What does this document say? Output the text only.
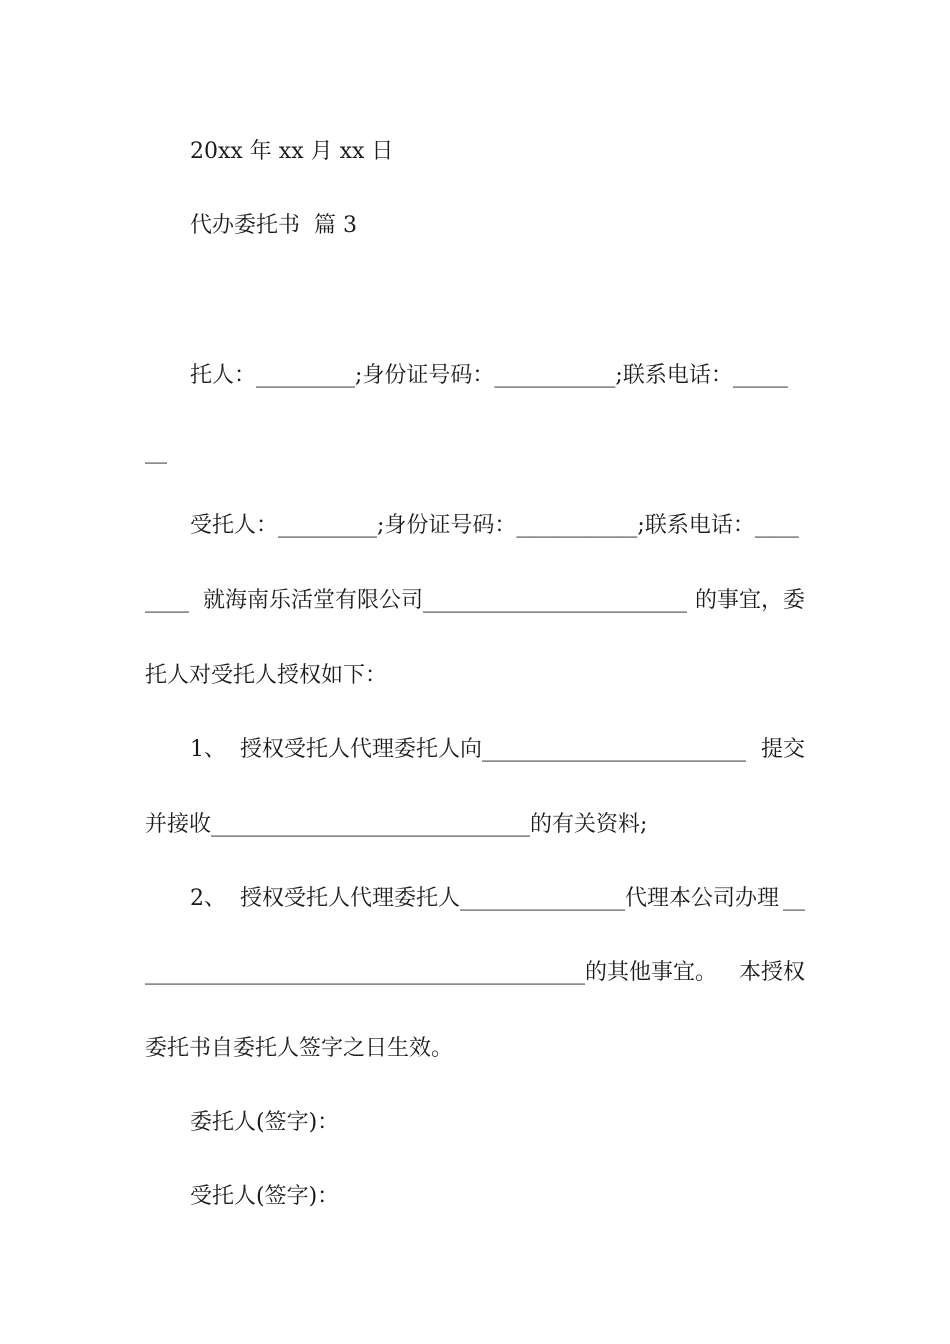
20xx 年 xx 月 xx 日
代办委托书  篇 3
托人：_________;身份证号码：___________;联系电话：_____
__
受托人：_________;身份证号码：___________;联系电话：____
____  就海南乐活堂有限公司________________________ 的事宜，委
托人对受托人授权如下：
1、  授权受托人代理委托人向________________________ 提交
并接收_____________________________的有关资料;
2、  授权受托人代理委托人_______________代理本公司办理 __
________________________________________的其他事宜。 本授权
委托书自委托人签字之日生效。
委托人(签字)：
受托人(签字)：
